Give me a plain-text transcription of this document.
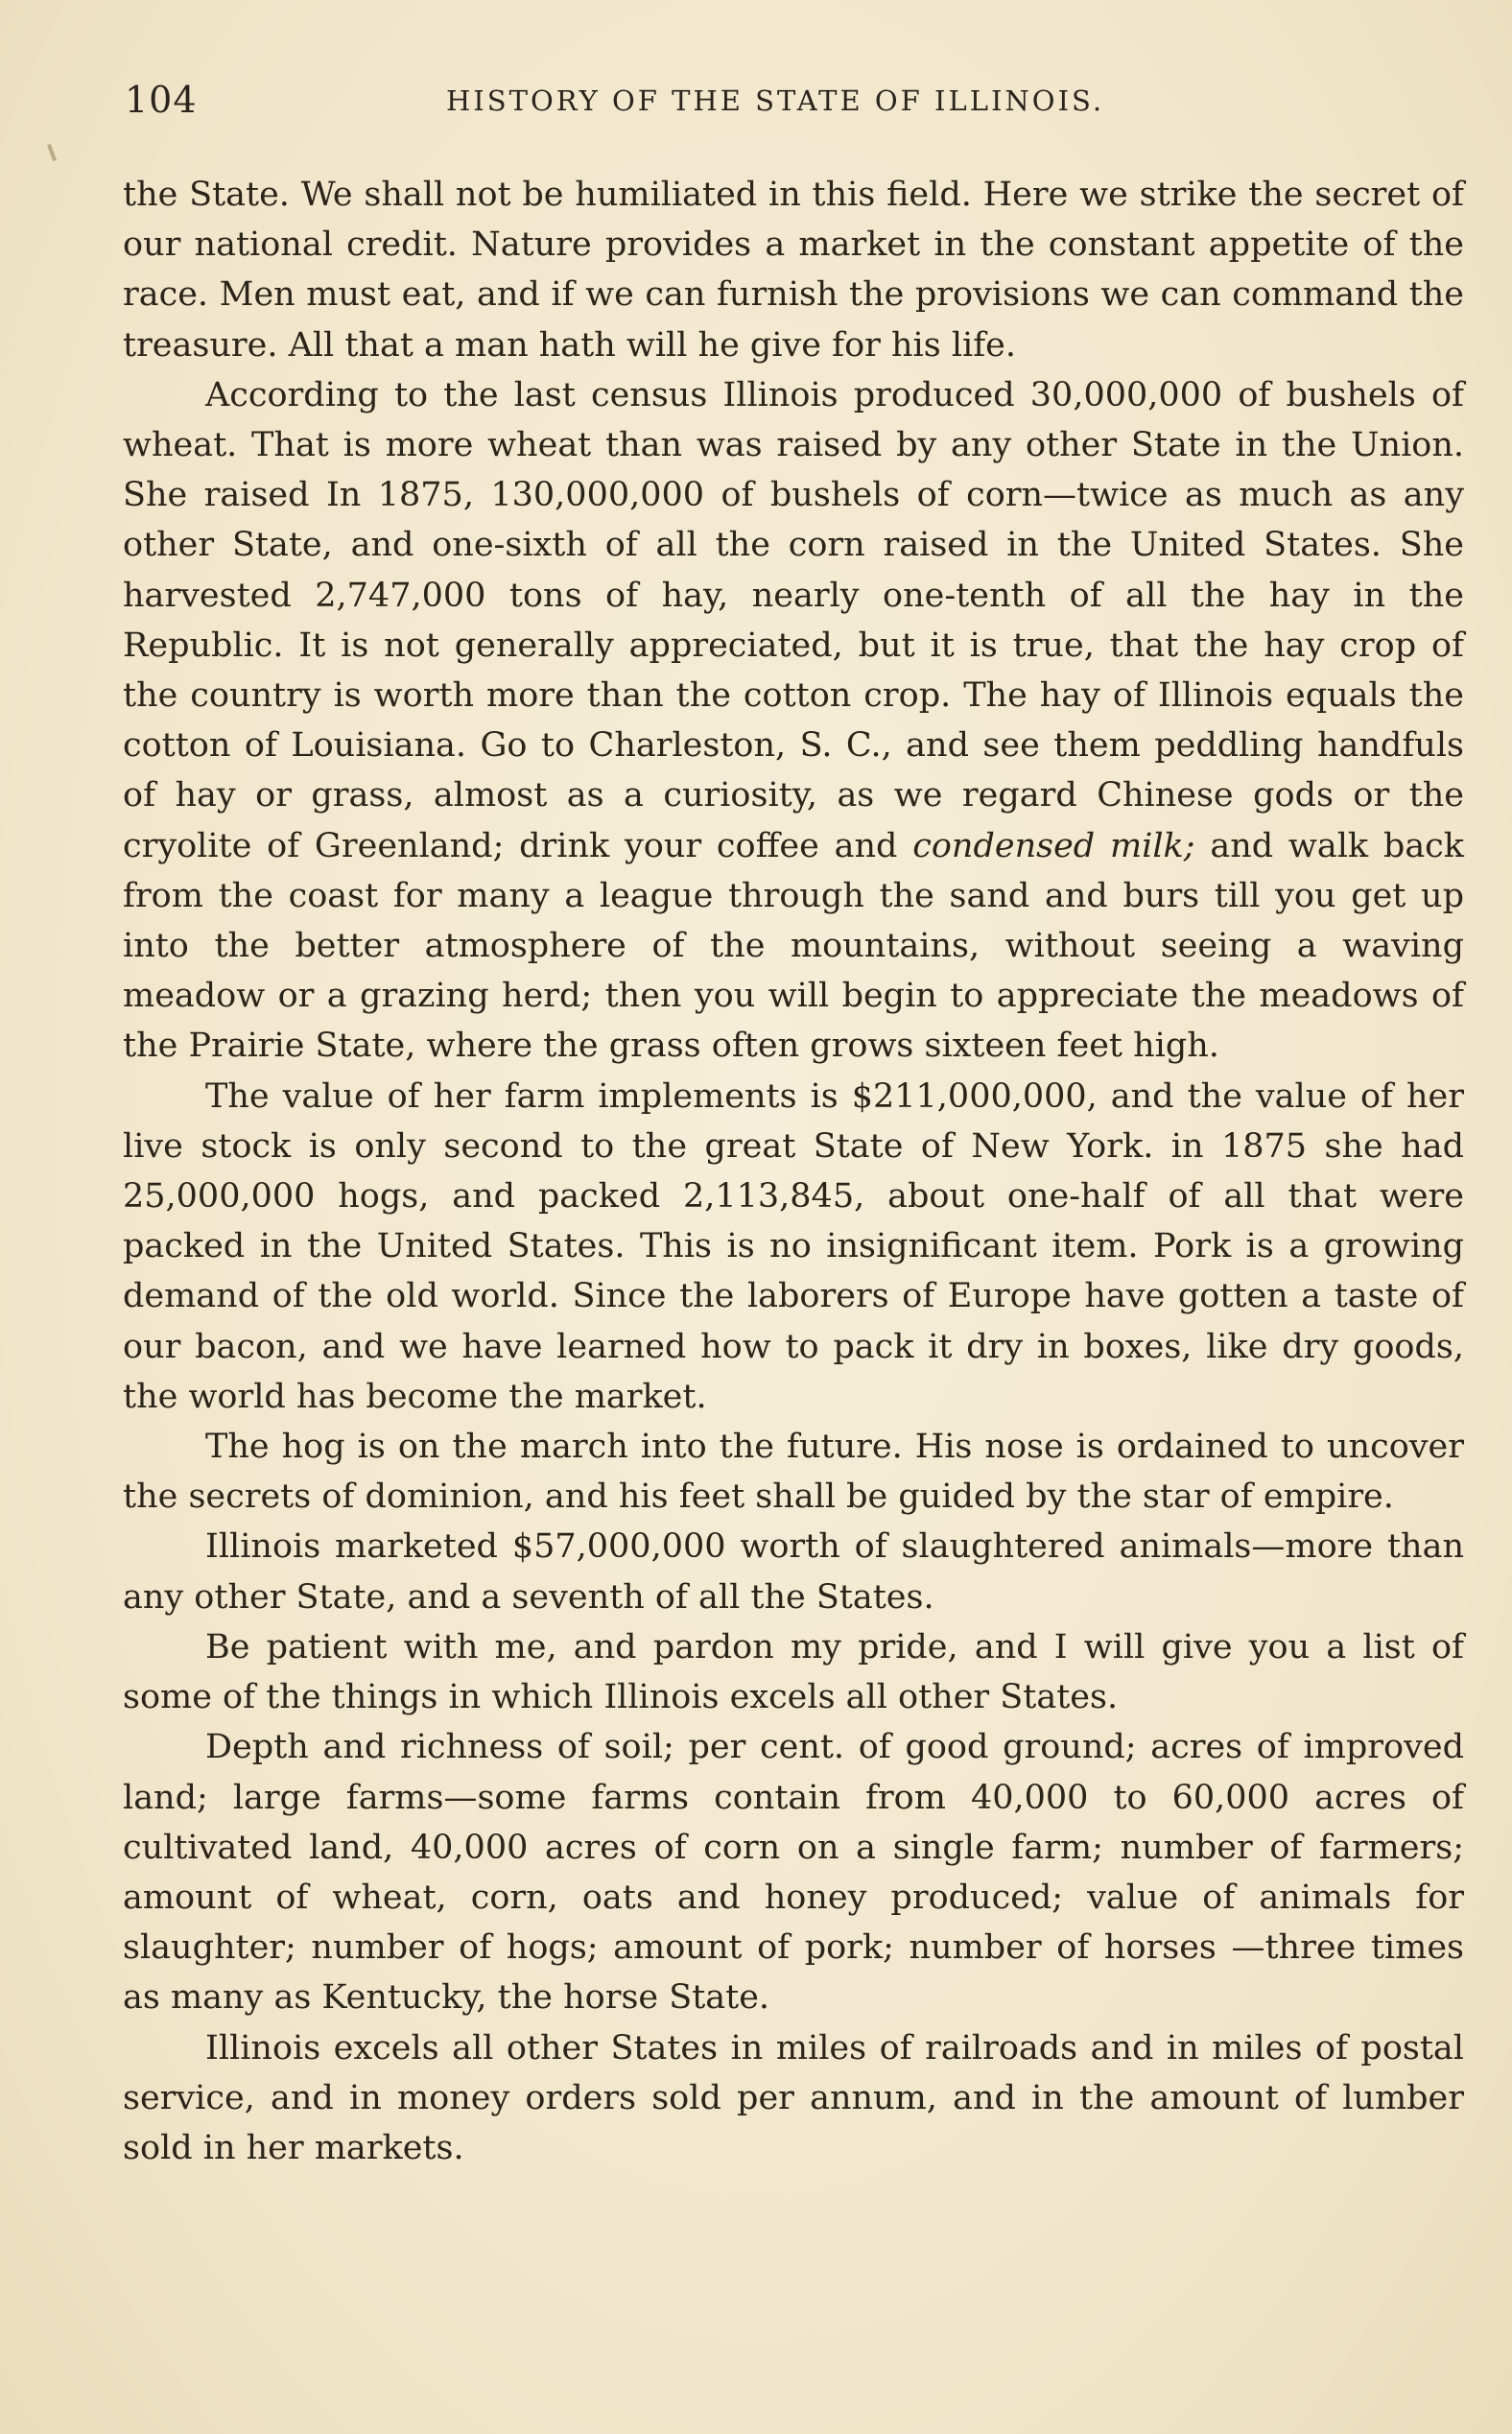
104	HISTORY OF THE STATE OF ILLINOIS.

the State. We shall not be humiliated in this field. Here we strike the secret of our national credit. Nature provides a market in the constant appetite of the race. Men must eat, and if we can furnish the provisions we can command the treasure. All that a man hath will he give for his life.

According to the last census Illinois produced 30,000,000 of bushels of wheat. That is more wheat than was raised by any other State in the Union. She raised In 1875, 130,000,000 of bushels of corn—twice as much as any other State, and one-sixth of all the corn raised in the United States. She harvested 2,747,000 tons of hay, nearly one-tenth of all the hay in the Republic. It is not generally appreciated, but it is true, that the hay crop of the country is worth more than the cotton crop. The hay of Illinois equals the cotton of Louisiana. Go to Charleston, S. C., and see them peddling handfuls of hay or grass, almost as a curiosity, as we regard Chinese gods or the cryolite of Greenland; drink your coffee and condensed milk; and walk back from the coast for many a league through the sand and burs till you get up into the better atmosphere of the mountains, without seeing a waving meadow or a grazing herd; then you will begin to appreciate the meadows of the Prairie State, where the grass often grows sixteen feet high.

The value of her farm implements is $211,000,000, and the value of her live stock is only second to the great State of New York. in 1875 she had 25,000,000 hogs, and packed 2,113,845, about one-half of all that were packed in the United States. This is no insignificant item. Pork is a growing demand of the old world. Since the laborers of Europe have gotten a taste of our bacon, and we have learned how to pack it dry in boxes, like dry goods, the world has become the market.

The hog is on the march into the future. His nose is ordained to uncover the secrets of dominion, and his feet shall be guided by the star of empire.

Illinois marketed $57,000,000 worth of slaughtered animals—more than any other State, and a seventh of all the States.

Be patient with me, and pardon my pride, and I will give you a list of some of the things in which Illinois excels all other States.

Depth and richness of soil; per cent. of good ground; acres of improved land; large farms—some farms contain from 40,000 to 60,000 acres of cultivated land, 40,000 acres of corn on a single farm; number of farmers; amount of wheat, corn, oats and honey produced; value of animals for slaughter; number of hogs; amount of pork; number of horses —three times as many as Kentucky, the horse State.

Illinois excels all other States in miles of railroads and in miles of postal service, and in money orders sold per annum, and in the amount of lumber sold in her markets.
